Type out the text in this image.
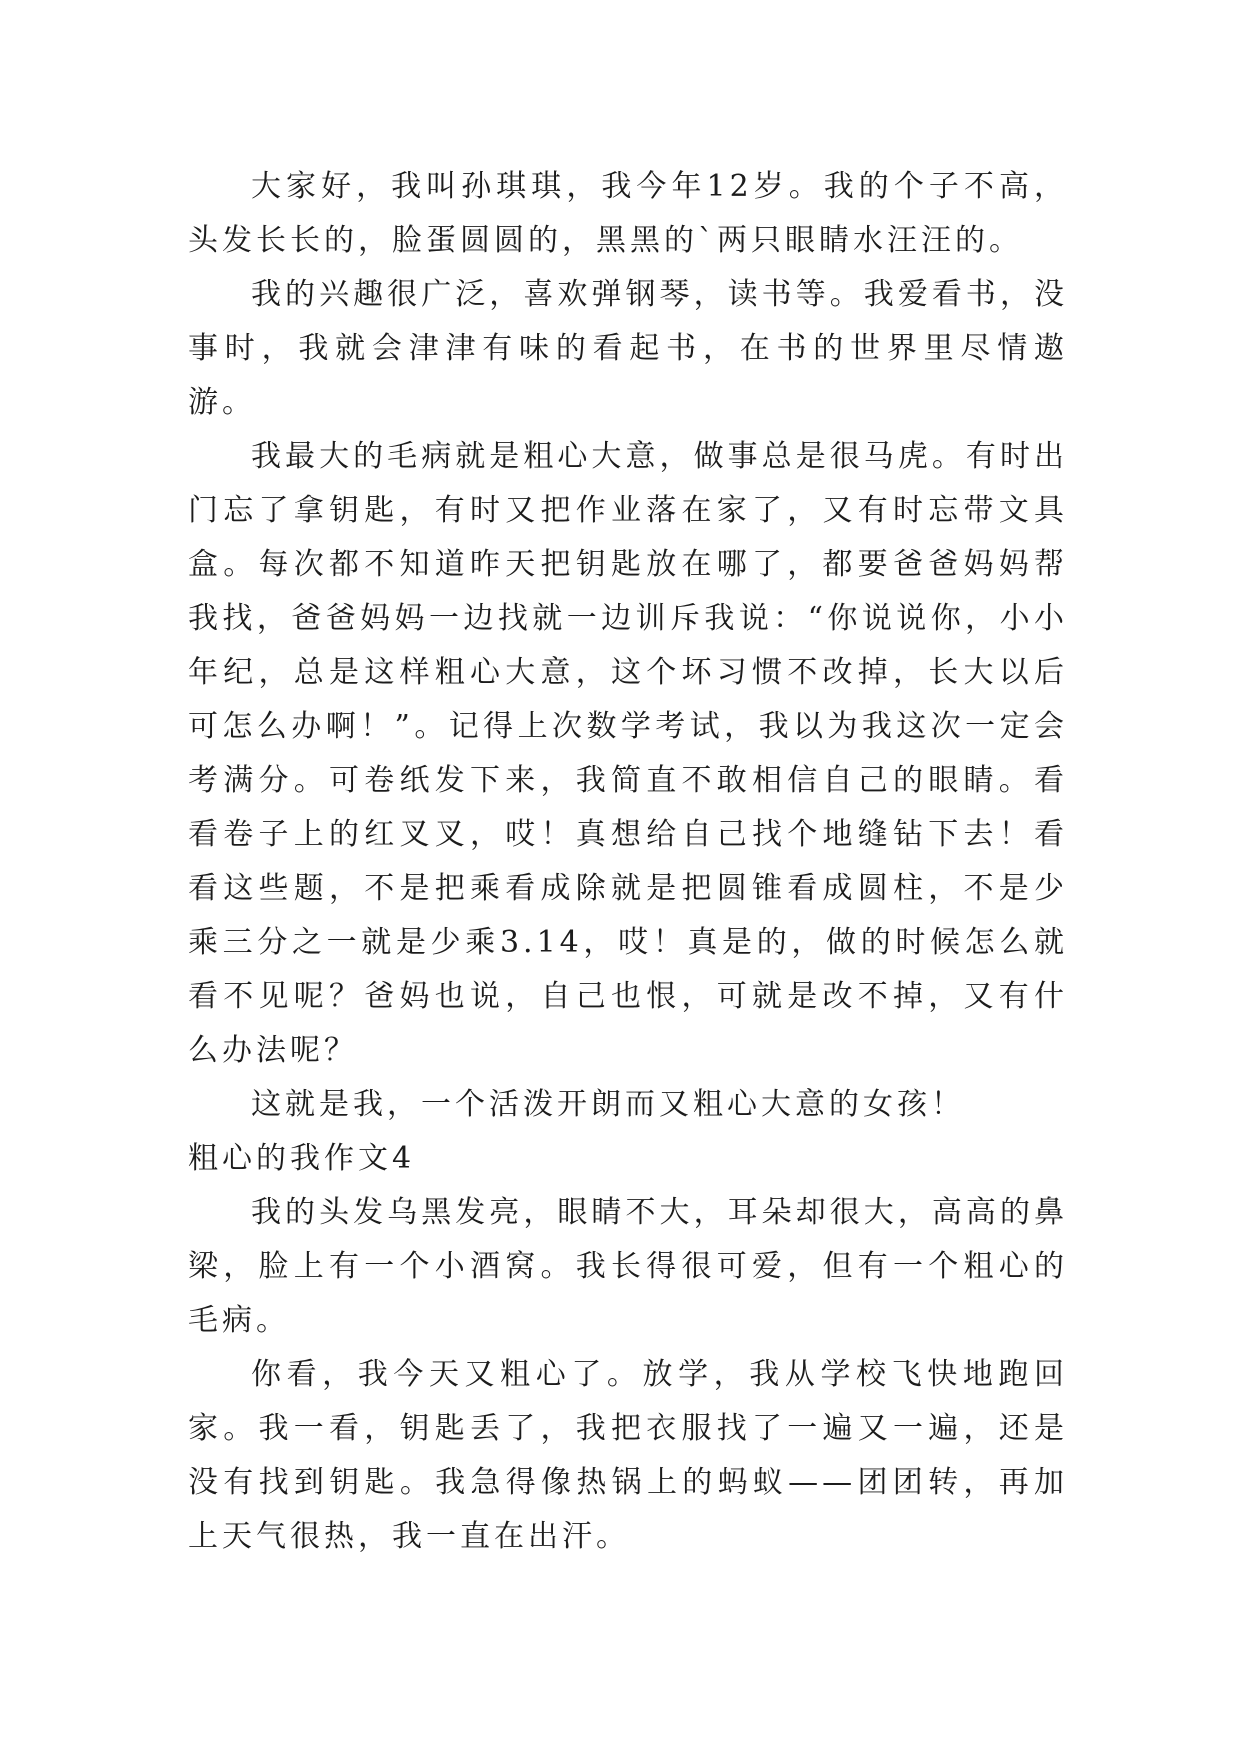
大家好，我叫孙琪琪，我今年12岁。我的个子不高，头发长长的，脸蛋圆圆的，黑黑的`两只眼睛水汪汪的。

我的兴趣很广泛，喜欢弹钢琴，读书等。我爱看书，没事时，我就会津津有味的看起书，在书的世界里尽情遨游。

我最大的毛病就是粗心大意，做事总是很马虎。有时出门忘了拿钥匙，有时又把作业落在家了，又有时忘带文具盒。每次都不知道昨天把钥匙放在哪了，都要爸爸妈妈帮我找，爸爸妈妈一边找就一边训斥我说：“你说说你，小小年纪，总是这样粗心大意，这个坏习惯不改掉，长大以后可怎么办啊！”。记得上次数学考试，我以为我这次一定会考满分。可卷纸发下来，我简直不敢相信自己的眼睛。看看卷子上的红叉叉，哎！真想给自己找个地缝钻下去！看看这些题，不是把乘看成除就是把圆锥看成圆柱，不是少乘三分之一就是少乘3.14，哎！真是的，做的时候怎么就看不见呢？爸妈也说，自己也恨，可就是改不掉，又有什么办法呢？

这就是我，一个活泼开朗而又粗心大意的女孩！

粗心的我作文4

我的头发乌黑发亮，眼睛不大，耳朵却很大，高高的鼻梁，脸上有一个小酒窝。我长得很可爱，但有一个粗心的毛病。

你看，我今天又粗心了。放学，我从学校飞快地跑回家。我一看，钥匙丢了，我把衣服找了一遍又一遍，还是没有找到钥匙。我急得像热锅上的蚂蚁——团团转，再加上天气很热，我一直在出汗。
